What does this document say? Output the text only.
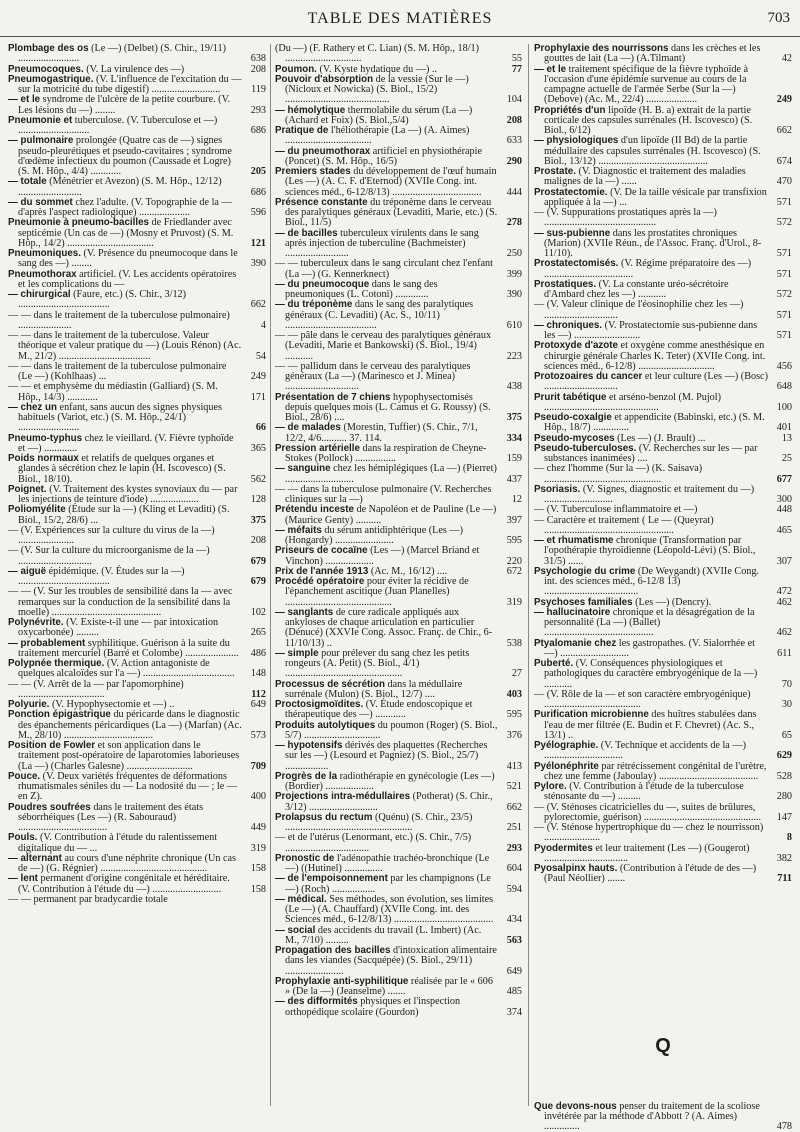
TABLE DES MATIÈRES	703
Plombage des os (Le —) (Delbet) (S. Chir., 19/11) ........................	638
Pneumocoques. (V. La virulence des —)	208
Pneumogastrique. (V. L'influence de l'excitation du — sur la motricité du tube digestif) ...........................	119
— et le syndrome de l'ulcère de la petite courbure. (V. Les lésions du —) ........	293
Pneumonie et tuberculose. (V. Tuberculose et —) ............................	686
— pulmonaire prolongée (Quatre cas de —) signes pseudo-pleurétiques et pseudo-cavitaires ; syndrome d'œdème infectieux du poumon (Caussade et Logre) (S. M. Hôp., 4/4) ............	205
— totale (Ménétrier et Avezon) (S. M. Hôp., 12/12) .........................	686
— du sommet chez l'adulte. (V. Topographie de la — d'après l'aspect radiologique) ....................	596
Pneumonie à pneumo-bacilles de Friedlander avec septicémie (Un cas de —) (Mosny et Pruvost) (S. M. Hôp., 14/2) ..................................	121
Pneumoniques. (V. Présence du pneumocoque dans le sang des —) ........	390
Pneumothorax artificiel. (V. Les accidents opératoires et les complications du —
— chirurgical (Faure, etc.) (S. Chir., 3/12) ....................................	662
— — dans le traitement de la tuberculose pulmonaire) .....................	4
— — dans le traitement de la tuberculose. Valeur théorique et valeur pratique du —) (Louis Rénon) (Ac. M., 21/2) ....................................	54
— — dans le traitement de la tuberculose pulmonaire (Le —) (Kohlhaas) ...	249
— — et emphysème du médiastin (Galliard) (S. M. Hôp., 14/3) ............	171
— chez un enfant, sans aucun des signes physiques habituels (Variot, etc.) (S. M. Hôp., 24/1) ........................	66
Pneumo-typhus chez le vieillard. (V. Fièvre typhoïde et —) .............	365
Poids normaux et relatifs de quelques organes et glandes à sécrétion chez le lapin (H. Iscovesco) (S. Biol., 18/10).	562
Poignet. (V. Traitement des kystes synoviaux du — par les injections de teinture d'iode) ...................	128
Poliomyélite (Étude sur la —) (Kling et Levaditi) (S. Biol., 15/2, 28/6) ...	375
— (V. Expériences sur la culture du virus de la —) ......................	208
— (V. Sur la culture du microorganisme de la —) .............................	679
— aiguë épidémique. (V. Études sur la —) ....................................	679
— — (V. Sur les troubles de sensibilité dans la — avec remarques sur la conduction de la sensibilité dans la moelle) ...........................................	102
Polynévrite. (V. Existe-t-il une — par intoxication oxycarbonée) .........	265
— probablement syphilitique. Guérison à la suite du traitement mercuriel (Barré et Colombe) .....................	486
Polypnée thermique. (V. Action antagoniste de quelques alcaloïdes sur l'a —) ....................................	148
— — (V. Arrêt de la — par l'apomorphine) ..................................	112
Polyurie. (V. Hypophysectomie et —) ..	649
Ponction épigastrique du péricarde dans le diagnostic des épanchements péricardiques (La —) (Marfan) (Ac. M., 28/10) ...................................	573
Position de Fowler et son application dans le traitement post-opératoire de laparotomies laborieuses (La —) (Charles Galesne) ..........................	709
Pouce. (V. Deux variétés fréquentes de déformations rhumatismales séniles du — La nodosité du — ; le — en Z).	400
Poudres soufrées dans le traitement des états séborrhéiques (Les —) (R. Sabouraud) ...................................	449
Pouls. (V. Contribution à l'étude du ralentissement digitalique du — ...	319
— alternant au cours d'une néphrite chronique (Un cas de —) (G. Régnier) ..........................................	158
— lent permanent d'origine congénitale et héréditaire. (V. Contribution à l'étude du —) ...........................	158
— — permanent par bradycardie totale
(Du —) (F. Rathery et C. Lian) (S. M. Hôp., 18/1) ..............................	55
Poumon. (V. Kyste hydatique du —) ..	77
Pouvoir d'absorption de la vessie (Sur le —) (Nicloux et Nowicka) (S. Biol., 15/2) .........................................	104
— hémolytique thermolabile du sérum (La —) (Achard et Foix) (S. Biol.,5/4)	208
Pratique de l'héliothérapie (La —) (A. Aimes) ..................................	633
— du pneumothorax artificiel en physiothérapie (Poncet) (S. M. Hôp., 16/5)	290
Premiers stades du développement de l'œuf humain (Les —) (A. C. F. d'Eternod) (XVIIe Cong. int. sciences méd., 6-12/8/13) ...................................	444
Présence constante du tréponème dans le cerveau des paralytiques généraux (Levaditi, Marie, etc.) (S. Biol., 11/5)	278
— de bacilles tuberculeux virulents dans le sang après injection de tuberculine (Bachmeister) .........................	250
— — tuberculeux dans le sang circulant chez l'enfant (La —) (G. Kennerknect)	399
— du pneumocoque dans le sang des pneumoniques (L. Cotoni) .............	390
— du tréponème dans le sang des paralytiques généraux (C. Levaditi) (Ac. S., 10/11) ....................................	610
— — pâle dans le cerveau des paralytiques généraux (Levaditi, Marie et Bankowski) (S. Biol., 19/4) ...........	223
— — pallidum dans le cerveau des paralytiques généraux (La —) (Marinesco et J. Minea) .............................	438
Présentation de 7 chiens hypophysectomisés depuis quelques mois (L. Camus et G. Roussy) (S. Biol., 28/6) ....	375
— de malades (Morestin, Tuffier) (S. Chir., 7/1, 12/2, 4/6.......... 37. 114.	334
Pression artérielle dans la respiration de Cheyne-Stokes (Pollock) ................	159
— sanguine chez les hémiplégiques (La —) (Pierret) ...........................	437
— — dans la tuberculose pulmonaire (V. Recherches cliniques sur la —)	12
Prétendu inceste de Napoléon et de Pauline (Le —) (Maurice Genty) ..........	397
— méfaits du sérum antidiphtérique (Les —) (Hongardy) .......................	595
Priseurs de cocaïne (Les —) (Marcel Briand et Vinchon) ...................	220
Prix de l'année 1913 (Ac. M., 16/12) ....	672
Procédé opératoire pour éviter la récidive de l'épanchement ascitique (Juan Planelles) ..........................................	319
— sanglants de cure radicale appliqués aux ankyloses de chaque articulation en particulier (Dénucé) (XXVIe Cong. Assoc. Franç. de Chir., 6-11/10/13) ..	538
— simple pour prélever du sang chez les petits rongeurs (A. Petit) (S. Biol., 4/1) ..............................................	27
Processus de sécrétion dans la médullaire surrénale (Mulon) (S. Biol., 12/7) ....	403
Proctosigmoïdites. (V. Étude endoscopique et thérapeutique des —) ............	595
Produits autolytiques du poumon (Roger) (S. Biol., 5/7) ..............................	376
— hypotensifs dérivés des plaquettes (Recherches sur les —) (Lesourd et Pagniez) (S. Biol., 25/7) .................	413
Progrès de la radiothérapie en gynécologie (Les —) (Bordier) ...................	521
Projections intra-médullaires (Potherat) (S. Chir., 3/12) ...........................	662
Prolapsus du rectum (Quénu) (S. Chir., 23/5) ..................................................	251
— et de l'utérus (Lenormant, etc.) (S. Chir., 7/5) .................................	293
Pronostic de l'adénopathie trachéo-bronchique (Le —) ((Hutinel) ...............	604
— de l'empoisonnement par les champignons (Le —) (Roch) .................	594
— médical. Ses méthodes, son évolution, ses limites (Le —) (A. Chauffard) (XVIIe Cong. int. des Sciences méd., 6-12/8/13) .......................................	434
— social des accidents du travail (L. Imbert) (Ac. M., 7/10) .........	563
Propagation des bacilles d'intoxication alimentaire dans les viandes (Sacquépée) (S. Biol., 29/11) .......................	649
Prophylaxie anti-syphilitique réalisée par le « 606 » (De la —) (Jeanselme) .......	485
— des difformités physiques et l'inspection orthopédique scolaire (Gourdon)	374
Prophylaxie des nourrissons dans les crèches et les gouttes de lait (La —) (A.Tilmant)	42
— et le traitement spécifique de la fièvre typhoïde à l'occasion d'une épidémie survenue au cours de la campagne actuelle de l'armée Serbe (Sur la —) (Debove) (Ac. M., 22/4) ....................	249
Propriétés d'un lipoïde (H. B. a) extrait de la partie corticale des capsules surrénales (H. Iscovesco) (S. Biol., 6/12)	662
— physiologiques d'un lipoïde (II Bd) de la partie médullaire des capsules surrénales (H. Iscovesco) (S. Biol., 13/12) ...........................................	674
Prostate. (V. Diagnostic et traitement des maladies malignes de la —) ......	470
Prostatectomie. (V. De la taille vésicale par transfixion appliquée à la —) ...	571
— (V. Suppurations prostatiques après la —) ............................................	572
— sus-pubienne dans les prostatites chroniques (Marion) (XVIIe Réun., de l'Assoc. Franç. d'Urol., 8-11/10).	571
Prostatectomisés. (V. Régime préparatoire des —) ...................................	571
Prostatiques. (V. La constante uréo-sécrétoire d'Ambard chez les —) ...........	572
— (V. Valeur clinique de l'éosinophilie chez les —) .............................	571
— chroniques. (V. Prostatectomie sus-pubienne dans les —) ..........................	571
Protoxyde d'azote et oxygène comme anesthésique en chirurgie générale Charles K. Teter) (XVIIe Cong. int. sciences méd., 6-12/8) ..............................	456
Protozoaires du cancer et leur culture (Les —) (Bosc) .............................	648
Prurit tabétique et arséno-benzol (M. Pujol) .............................................	100
Pseudo-coxalgie et appendicite (Babinski, etc.) (S. M. Hôp., 18/7) ..............	401
Pseudo-mycoses (Les —) (J. Brault) ...	13
Pseudo-tuberculoses. (V. Recherches sur les — par substances inanimées) ....	25
— chez l'homme (Sur la —) (K. Saisava) ..............................................	677
Psoriasis. (V. Signes, diagnostic et traitement du —) ...........................	300
— (V. Tuberculose inflammatoire et —)	448
— Caractère et traitement ( Le — (Queyrat) ...................................................	465
— et rhumatisme chronique (Transformation par l'opothérapie thyroïdienne (Léopold-Lévi) (S. Biol., 31/5) ......	307
Psychologie du crime (De Weygandt) (XVIIe Cong. int. des sciences méd., 6-12/8 13) .....................................	472
Psychoses familiales (Les —) (Dencry).	462
— hallucinatoire chronique et la désagrégation de la personnalité (La —) (Ballet) ...........................................	462
Ptyalomanie chez les gastropathes. (V. Sialorrhée et —) ...........................	611
Puberté. (V. Conséquences physiologiques et pathologiques du caractère embryogénique de la —) ...........	70
— (V. Rôle de la — et son caractère embryogénique) ......................................	30
Purification microbienne des huîtres stabulées dans l'eau de mer filtrée (E. Budin et F. Chevret) (Ac. S., 13/1) ..	65
Pyélographie. (V. Technique et accidents de la —) ...............................	629
Pyélonéphrite par rétrécissement congénital de l'urètre, chez une femme (Jaboulay) .......................................	528
Pylore. (V. Contribution à l'étude de la tuberculose sténosante du —) .........	280
— (V. Sténoses cicatricielles du —, suites de brûlures, pylorectomie, guérison) ..............................................	147
— (V. Sténose hypertrophique du — chez le nourrisson) ......................	8
Pyodermites et leur traitement (Les —) (Gougerot) .................................	382
Pyosalpinx hauts. (Contribution à l'étude de des —) (Paul Néollier) .......	711
Q
Que devons-nous penser du traitement de la scoliose invétérée par la méthode d'Abbott ? (A. Aimes) ..............	478
